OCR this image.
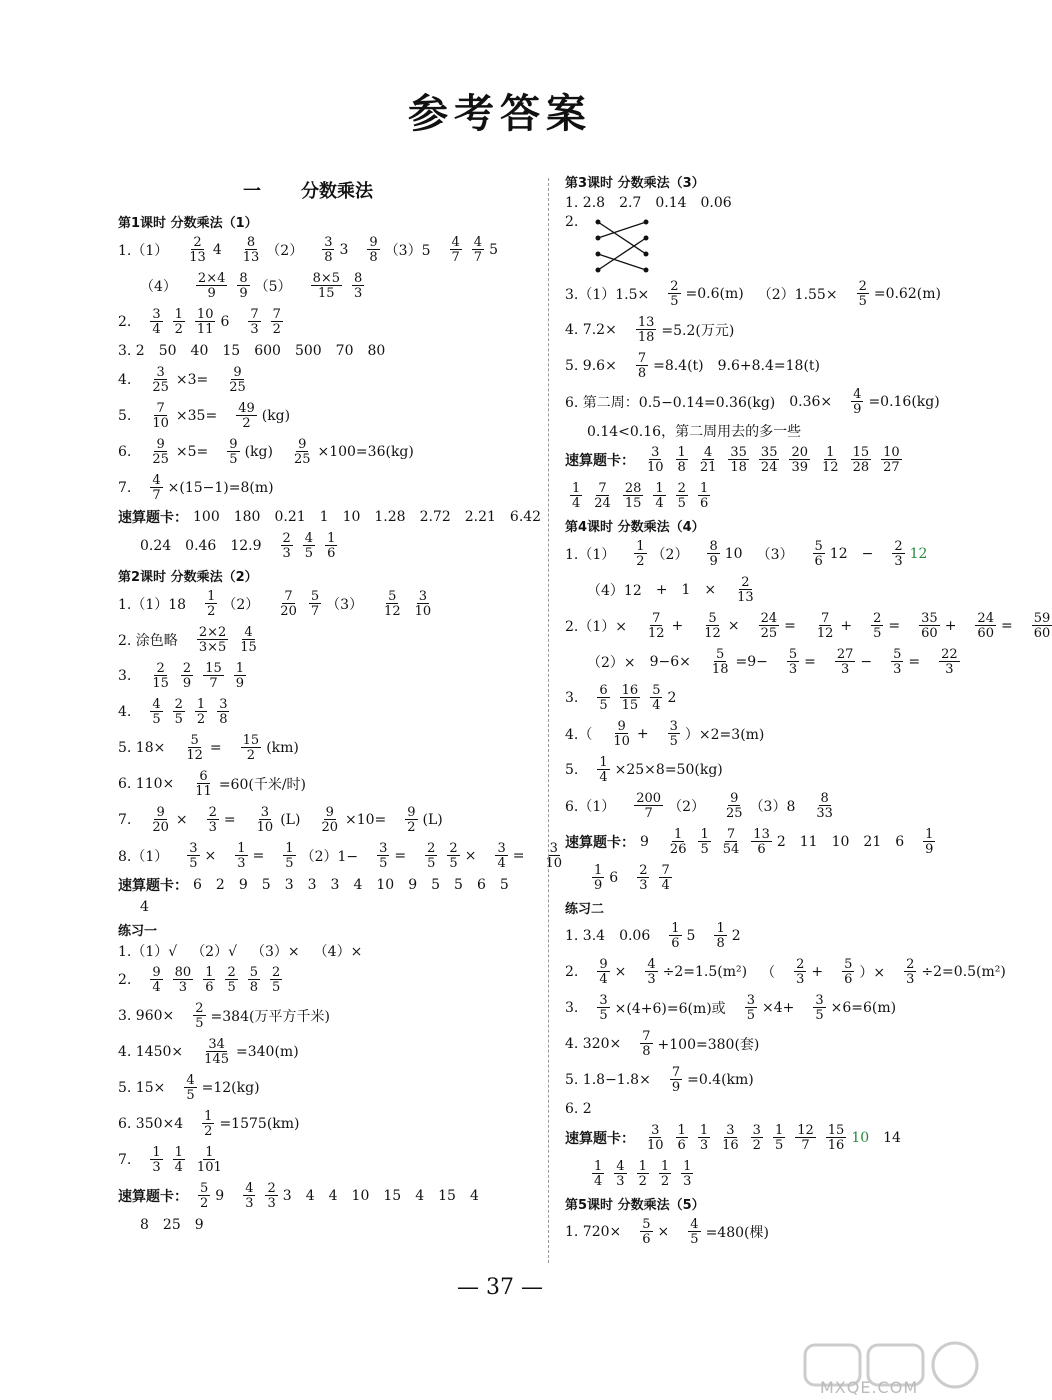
参考答案
一 分数乘法
第1课时 分数乘法（1）
$1.(1) \frac{2}{13} 4 \frac{8}{13} (2) \frac{3}{8} 3 \frac{9}{8} (3)5 \frac{4}{7} \frac{4}{7} 5$
$(4) \frac{2\times 4}{9} \frac{8}{9} (5) \frac{8\times 5}{15} \frac{8}{3}$
2. $\frac{3}{4} \frac{1}{2} \frac{10}{11} 6 \frac{7}{3} \frac{7}{2}$
3. 2 50 40 15 600 500 70 80
4. $\frac{3}{25} \times 3= \frac{9}{25}$
5. $\frac{7}{10} \times 35= \frac{49}{2} (kg)$
6. $\frac{9}{25} \times 5= \frac{9}{5} (kg) \frac{9}{25} \times 100=36(kg)$
7. $\frac{4}{7} \times(15-1)=8(m)$
速算题卡： 100 180 0.21 1 10 1.28 2.72 2.21 6.42
0.24 0.46 $12.9 \frac{2}{3} \frac{4}{5} \frac{1}{6}$
第2课时 分数乘法（2）
$1.(1)18 \frac{1}{2} (2) \frac{7}{20} \frac{5}{7} (3) \frac{5}{12} \frac{3}{10}$
2. 涂色略 $\frac{2\times 2}{3\times 5} \frac{4}{15}$
3. $\frac{2}{15} \frac{2}{9} \frac{15}{7} \frac{1}{9}$
4. $\frac{4}{5} \frac{2}{5} \frac{1}{2} \frac{3}{8}$
5. $18\times \frac{5}{12} = \frac{15}{2} (km)$
6. $110\times \frac{6}{11} =60$(千米/时)
7. $\frac{9}{20} \times \frac{2}{3} = \frac{3}{10} (L) \frac{9}{20} \times 10= \frac{9}{2} (L)$
$8.(1) \frac{3}{5} \times \frac{1}{3} = \frac{1}{5} (2)1- \frac{3}{5} = \frac{2}{5} \frac{2}{5} \times \frac{3}{4} = \frac{3}{10}$
速算题卡： 6 2 9 5 3 3 3 4 10 9 5 5 6 5
4
练习一
1.（1）√ （2）√ （3）× （4）×
2. $\frac{9}{4} \frac{80}{3} \frac{1}{6} \frac{2}{5} \frac{5}{8} \frac{2}{5}$
3. $960\times \frac{2}{5} =384$(万平方千米)
4. $1450\times \frac{34}{145} =340(m)$
5. $15\times \frac{4}{5} =12(kg)$
6. $350\times 4 \frac{1}{2} =1575(km)$
7. $\frac{1}{3} \frac{1}{4} \frac{1}{101}$
速算题卡： $\frac{5}{2} 9 \frac{4}{3} \frac{2}{3} 3$ 4 4 10 15 4 15 4
8 25 9
第3课时 分数乘法（3）
1. 2.8 2.7 0.14 0.06
2.
$3.(1)1.5\times \frac{2}{5} =0.6(m)$ $(2)1.55\times \frac{2}{5} =0.62(m)$
4. $7.2\times \frac{13}{18} =5.2$(万元)
5. $9.6\times \frac{7}{8} =8.4(t)$ 9.6+8.4=18(t)
6. 第二周：0.5−0.14=0.36(kg) $0.36\times \frac{4}{9} =0.16(kg)$
0.14<0.16，第二周用去的多一些
速算题卡： $\frac{3}{10} \frac{1}{8} \frac{4}{21} \frac{35}{18} \frac{35}{24} \frac{20}{39} \frac{1}{12} \frac{15}{28} \frac{10}{27}$
$\frac{1}{4} \frac{7}{24} \frac{28}{15} \frac{1}{4} \frac{2}{5} \frac{1}{6}$
第4课时 分数乘法（4）
$1.(1) \frac{1}{2} (2) \frac{8}{9} 10$ $(3) \frac{5}{6} 12 - \frac{2}{3} 12$
$(4)12 + 1 \times \frac{2}{13}$
$2.(1)\times \frac{7}{12} + \frac{5}{12} \times \frac{24}{25} = \frac{7}{12} + \frac{2}{5} = \frac{35}{60} + \frac{24}{60} = \frac{59}{60}$
$(2)\times 9-6\times \frac{5}{18} =9- \frac{5}{3} = \frac{27}{3} - \frac{5}{3} = \frac{22}{3}$
3. $\frac{6}{5} \frac{16}{15} \frac{5}{4} 2$
$4.( \frac{9}{10} + \frac{3}{5} )\times 2=3(m)$
5. $\frac{1}{4} \times 25\times 8=50(kg)$
$6.(1) \frac{200}{7} (2) \frac{9}{25} (3)8 \frac{8}{33}$
速算题卡： $9 \frac{1}{26} \frac{1}{5} \frac{7}{54} \frac{13}{6} 2$ 11 10 21 $6 \frac{1}{9}$
$\frac{1}{9} 6 \frac{2}{3} \frac{7}{4}$
练习二
1. 3.4 $0.06 \frac{1}{6} 5 \frac{1}{8} 2$
2. $\frac{9}{4} \times \frac{4}{3} \div 2=1.5(m^2)$ （ $\frac{2}{3} + \frac{5}{6}$ ）× $\frac{2}{3} \div 2=0.5(m^2)$
3. $\frac{3}{5} \times(4+6)=6(m)$或 $\frac{3}{5} \times 4+ \frac{3}{5} \times 6=6(m)$
4. $320\times \frac{7}{8} +100=380$(套)
5. $1.8-1.8\times \frac{7}{9} =0.4(km)$
6. 2
速算题卡： $\frac{3}{10} \frac{1}{6} \frac{1}{3} \frac{3}{16} \frac{3}{2} \frac{1}{5} \frac{12}{7} \frac{15}{16} 10$ 14
$\frac{1}{4} \frac{4}{3} \frac{1}{2} \frac{1}{2} \frac{1}{3}$
第5课时 分数乘法（5）
1. $720\times \frac{5}{6} \times \frac{4}{5} =480$(棵)
— 37 —
MXQE.COM
